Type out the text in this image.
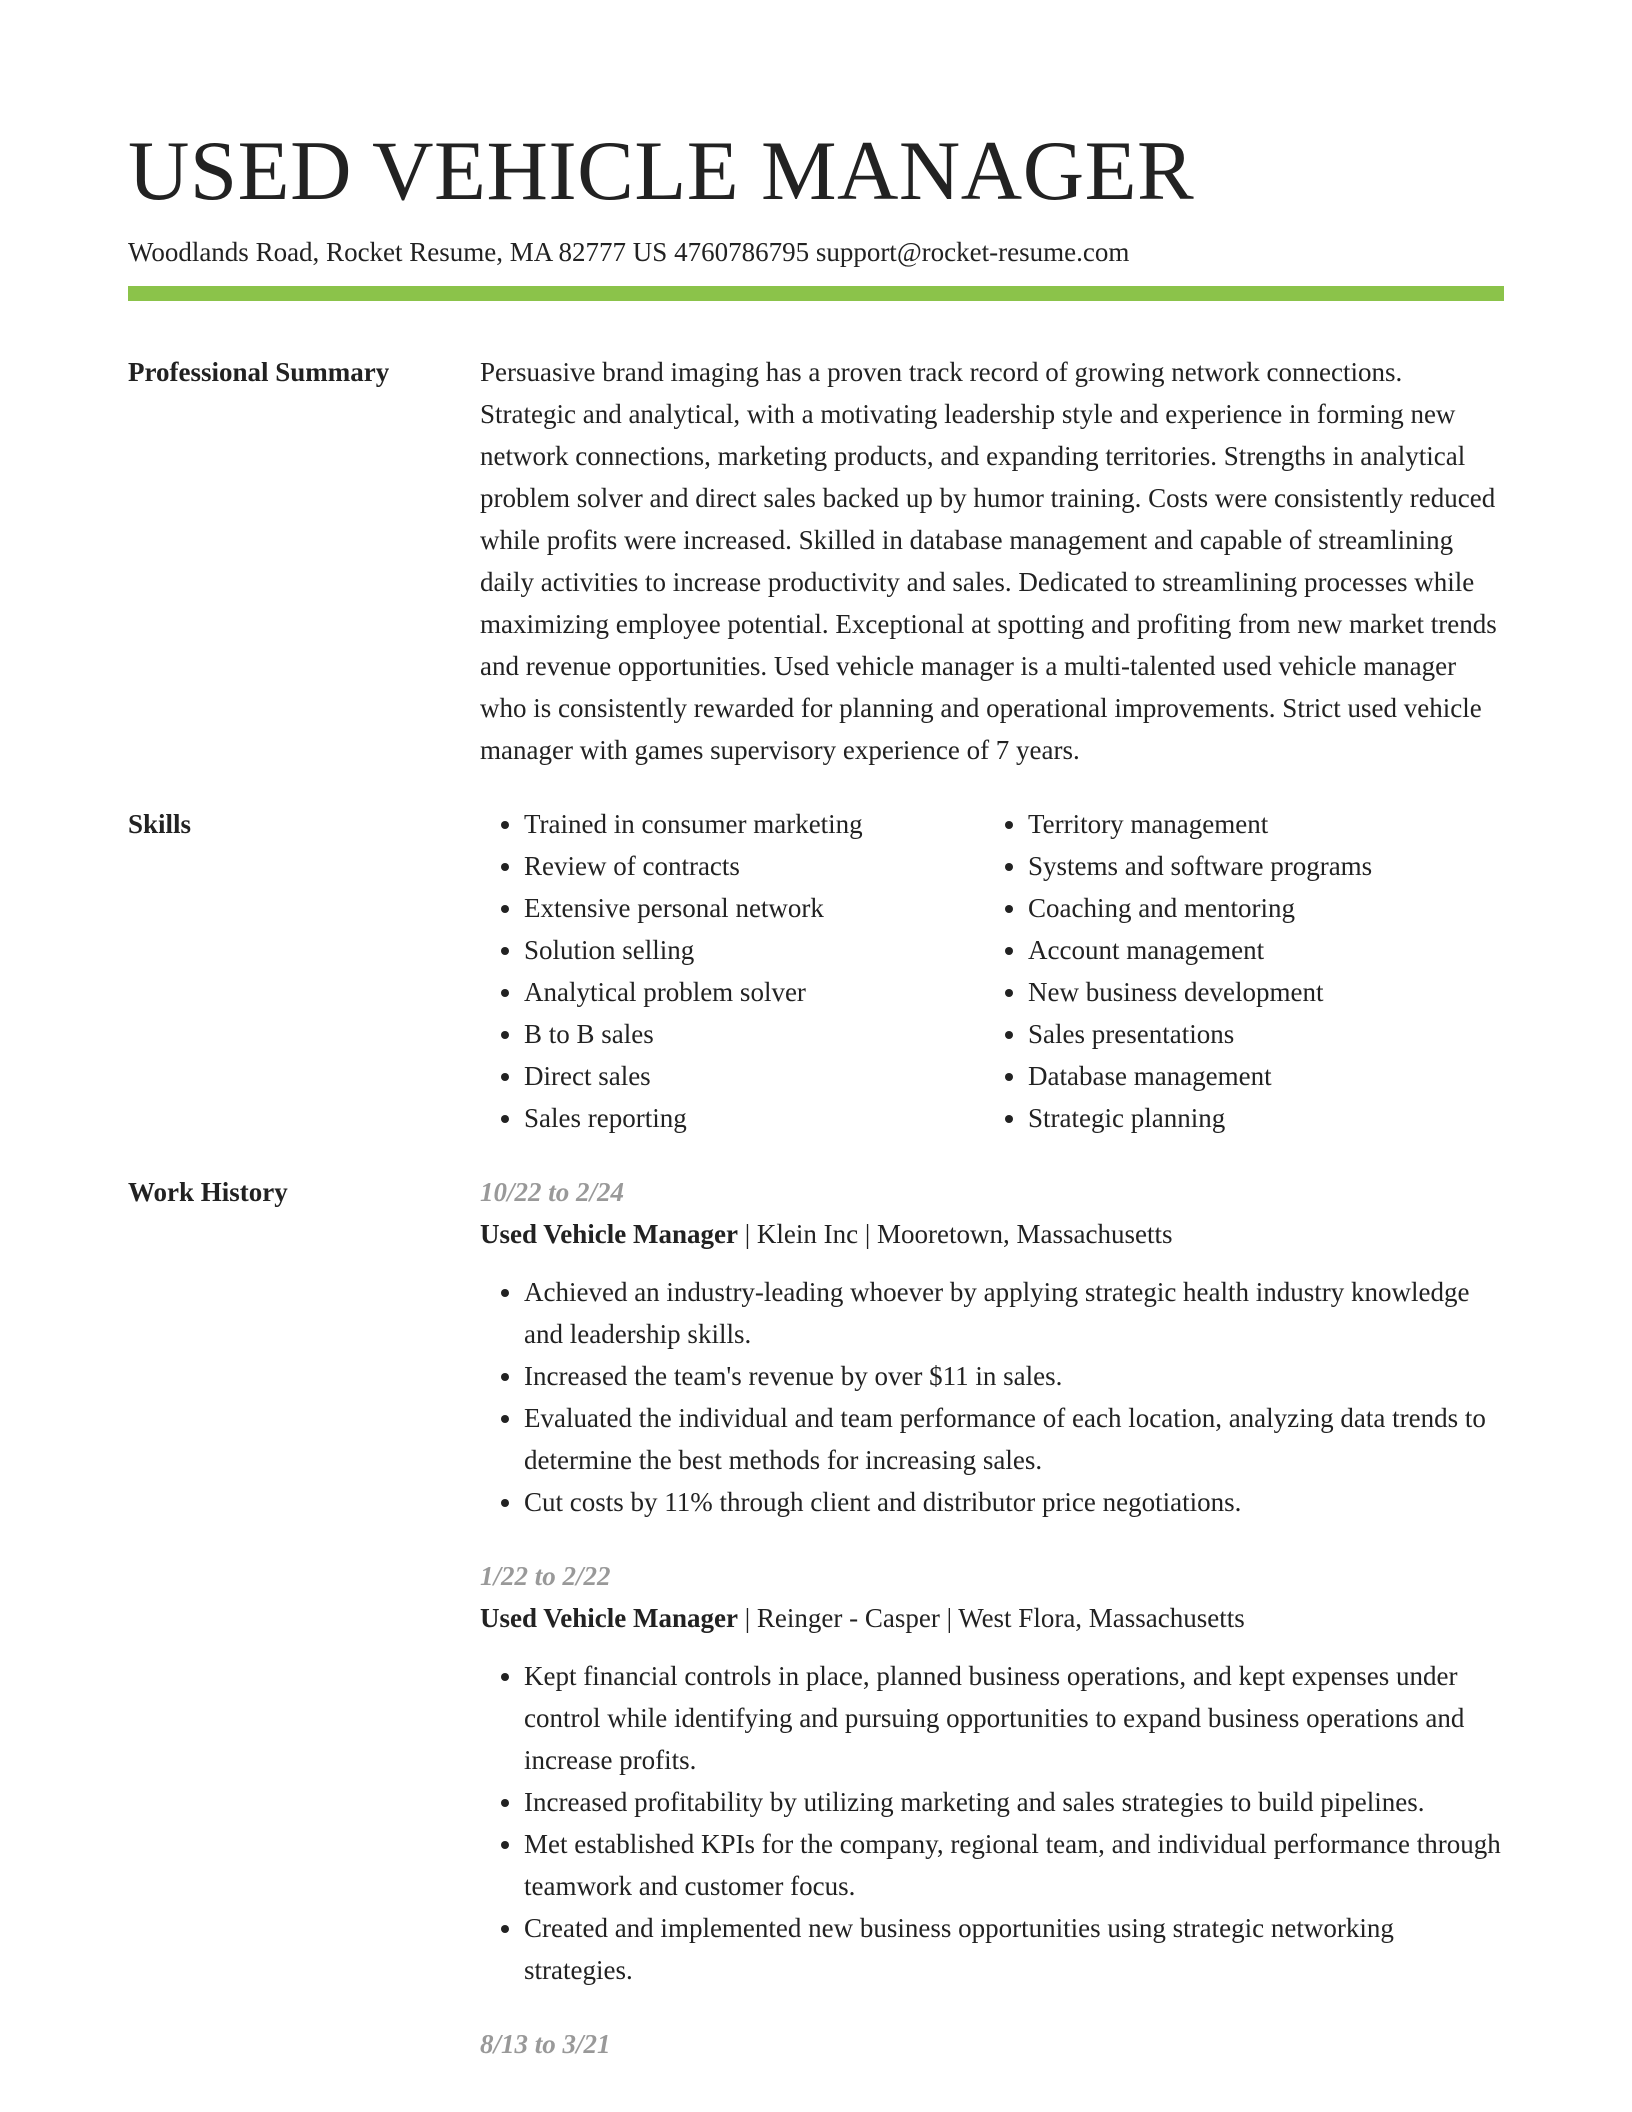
USED VEHICLE MANAGER
Woodlands Road, Rocket Resume, MA 82777 US 4760786795 support@rocket-resume.com
Professional Summary	Persuasive brand imaging has a proven track record of growing network connections. Strategic and analytical, with a motivating leadership style and experience in forming new network connections, marketing products, and expanding territories. Strengths in analytical problem solver and direct sales backed up by humor training. Costs were consistently reduced while profits were increased. Skilled in database management and capable of streamlining daily activities to increase productivity and sales. Dedicated to streamlining processes while maximizing employee potential. Exceptional at spotting and profiting from new market trends and revenue opportunities. Used vehicle manager is a multi-talented used vehicle manager who is consistently rewarded for planning and operational improvements. Strict used vehicle manager with games supervisory experience of 7 years.
Skills
•	Trained in consumer marketing
• Review of contracts
• Extensive personal network
• Solution selling
• Analytical problem solver
• B to B sales
• Direct sales
• Sales reporting
• Territory management
• Systems and software programs
• Coaching and mentoring
• Account management
• New business development
• Sales presentations
• Database management
• Strategic planning
Work History	10/22 to 2/24
Used Vehicle Manager | Klein Inc | Mooretown, Massachusetts
• Achieved an industry-leading whoever by applying strategic health industry knowledge and leadership skills.
• Increased the team's revenue by over $11 in sales.
• Evaluated the individual and team performance of each location, analyzing data trends to determine the best methods for increasing sales.
• Cut costs by 11% through client and distributor price negotiations.
1/22 to 2/22
Used Vehicle Manager | Reinger - Casper | West Flora, Massachusetts
• Kept financial controls in place, planned business operations, and kept expenses under control while identifying and pursuing opportunities to expand business operations and increase profits.
• Increased profitability by utilizing marketing and sales strategies to build pipelines.
• Met established KPIs for the company, regional team, and individual performance through teamwork and customer focus.
• Created and implemented new business opportunities using strategic networking strategies.
8/13 to 3/21
